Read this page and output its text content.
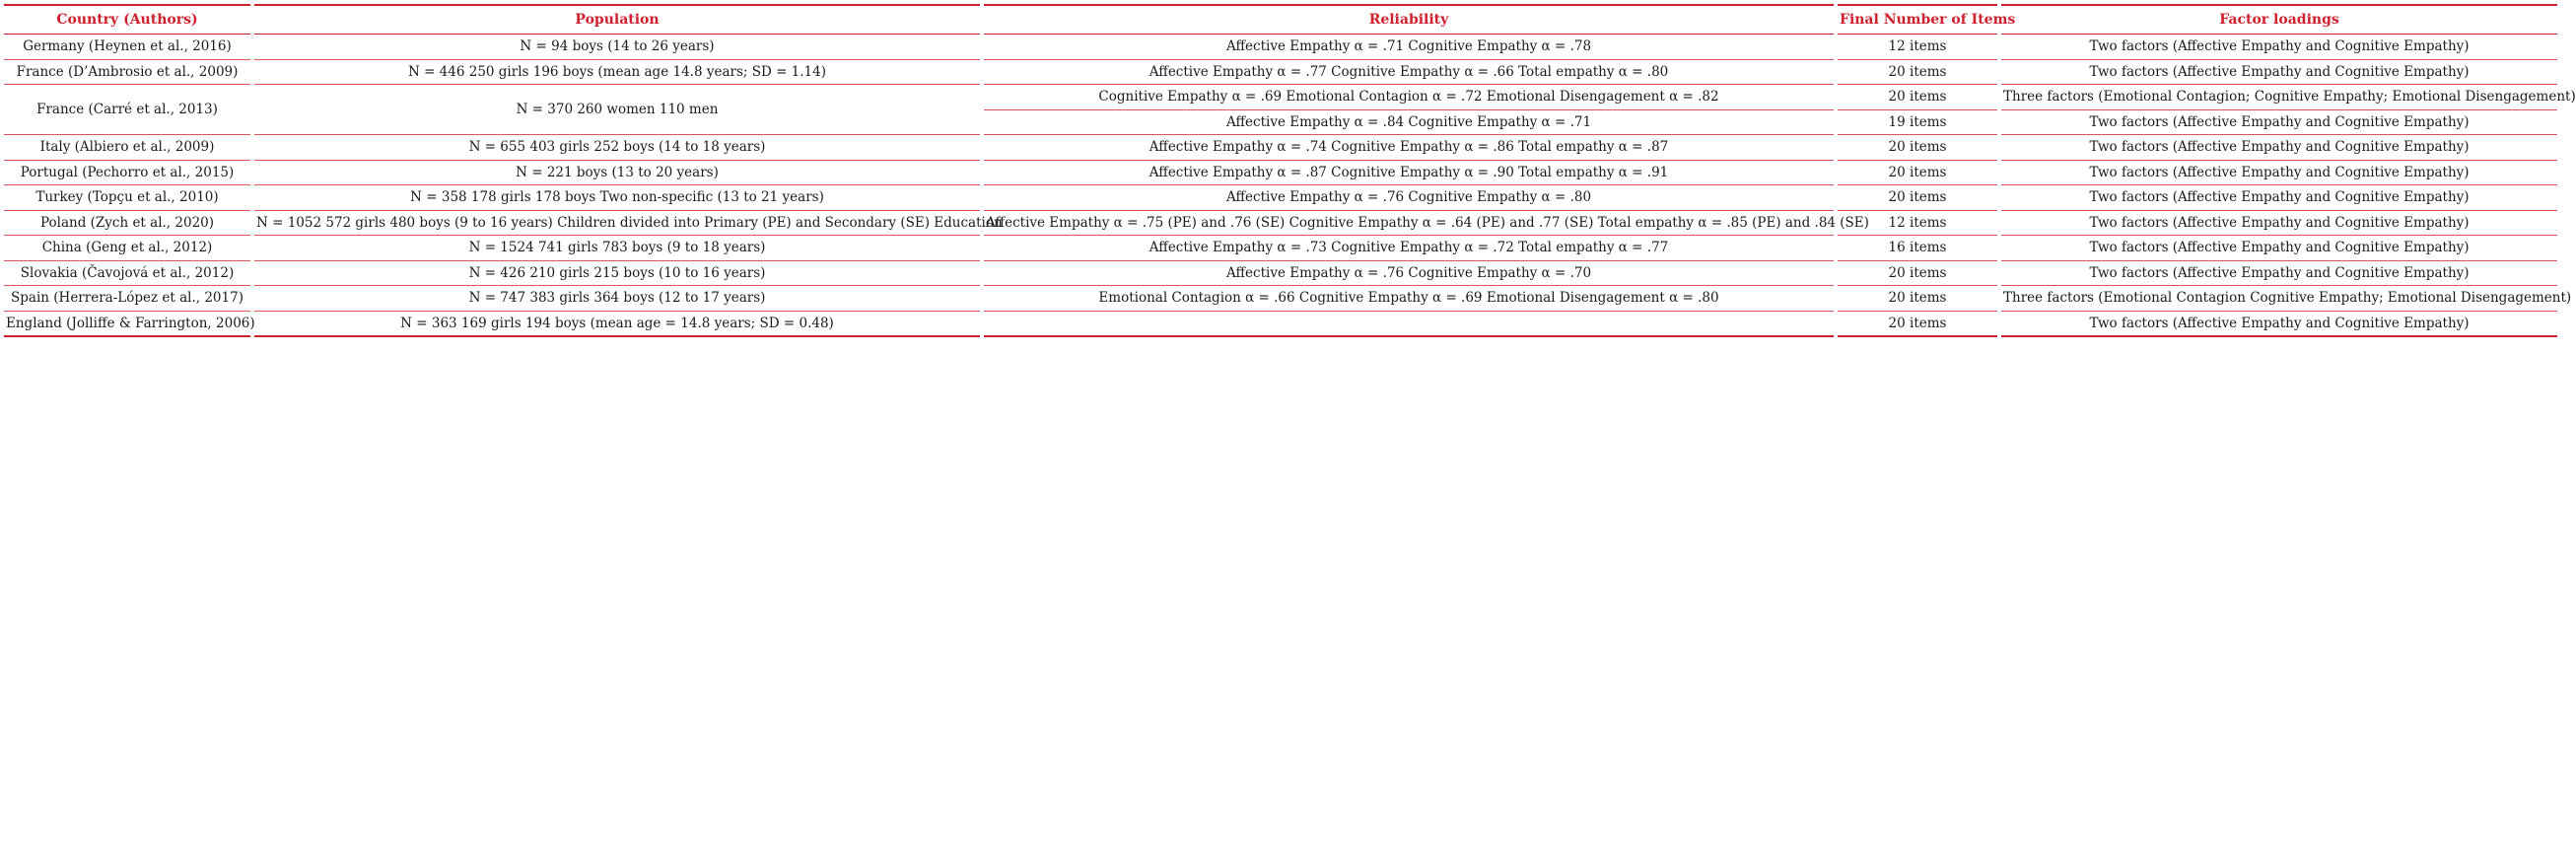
Country (Authors)	Population	Reliability	Final Number of Items	Factor loadings
Germany (Heynen et al., 2016)	N = 94 boys (14 to 26 years)	Affective Empathy α = .71 Cognitive Empathy α = .78	12 items	Two factors (Affective Empathy and Cognitive Empathy)
France (D’Ambrosio et al., 2009)	N = 446 250 girls 196 boys (mean age 14.8 years; SD = 1.14)	Affective Empathy α = .77 Cognitive Empathy α = .66 Total empathy α = .80	20 items	Two factors (Affective Empathy and Cognitive Empathy)
France (Carré et al., 2013)	N = 370 260 women 110 men	Cognitive Empathy α = .69 Emotional Contagion α = .72 Emotional Disengagement α = .82	20 items	Three factors (Emotional Contagion; Cognitive Empathy; Emotional Disengagement)
		Affective Empathy α = .84 Cognitive Empathy α = .71	19 items	Two factors (Affective Empathy and Cognitive Empathy)
Italy (Albiero et al., 2009)	N = 655 403 girls 252 boys (14 to 18 years)	Affective Empathy α = .74 Cognitive Empathy α = .86 Total empathy α = .87	20 items	Two factors (Affective Empathy and Cognitive Empathy)
Portugal (Pechorro et al., 2015)	N = 221 boys (13 to 20 years)	Affective Empathy α = .87 Cognitive Empathy α = .90 Total empathy α = .91	20 items	Two factors (Affective Empathy and Cognitive Empathy)
Turkey (Topçu et al., 2010)	N = 358 178 girls 178 boys Two non-specific (13 to 21 years)	Affective Empathy α = .76 Cognitive Empathy α = .80	20 items	Two factors (Affective Empathy and Cognitive Empathy)
Poland (Zych et al., 2020)	N = 1052 572 girls 480 boys (9 to 16 years) Children divided into Primary (PE) and Secondary (SE) Education	Affective Empathy α = .75 (PE) and .76 (SE) Cognitive Empathy α = .64 (PE) and .77 (SE) Total empathy α = .85 (PE) and .84 (SE)	12 items	Two factors (Affective Empathy and Cognitive Empathy)
China (Geng et al., 2012)	N = 1524 741 girls 783 boys (9 to 18 years)	Affective Empathy α = .73 Cognitive Empathy α = .72 Total empathy α = .77	16 items	Two factors (Affective Empathy and Cognitive Empathy)
Slovakia (Čavojová et al., 2012)	N = 426 210 girls 215 boys (10 to 16 years)	Affective Empathy α = .76 Cognitive Empathy α = .70	20 items	Two factors (Affective Empathy and Cognitive Empathy)
Spain (Herrera-López et al., 2017)	N = 747 383 girls 364 boys (12 to 17 years)	Emotional Contagion α = .66 Cognitive Empathy α = .69 Emotional Disengagement α = .80	20 items	Three factors (Emotional Contagion Cognitive Empathy; Emotional Disengagement)
England (Jolliffe & Farrington, 2006)	N = 363 169 girls 194 boys (mean age = 14.8 years; SD = 0.48)		20 items	Two factors (Affective Empathy and Cognitive Empathy)
